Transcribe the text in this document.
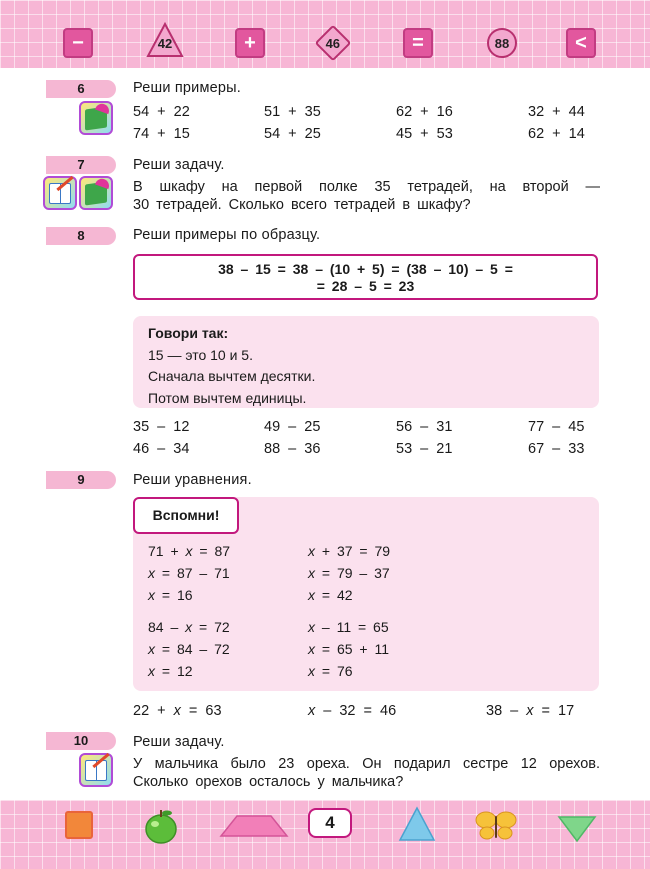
−	42	+	46	=	88	<
6	Реши примеры.
54 + 22	51 + 35	62 + 16	32 + 44
74 + 15	54 + 25	45 + 53	62 + 14
7	Реши задачу.
В шкафу на первой полке 35 тетрадей, на второй —
30 тетрадей. Сколько всего тетрадей в шкафу?
8	Реши примеры по образцу.
38 – 15 = 38 – (10 + 5) = (38 – 10) – 5 =
= 28 – 5 = 23
Говори так:
15 — это 10 и 5.
Сначала вычтем десятки.
Потом вычтем единицы.
35 – 12	49 – 25	56 – 31	77 – 45
46 – 34	88 – 36	53 – 21	67 – 33
9	Реши уравнения.
Вспомни!
71 + x = 87
x = 87 – 71
x = 16
x + 37 = 79
x = 79 – 37
x = 42
84 – x = 72
x = 84 – 72
x = 12
x – 11 = 65
x = 65 + 11
x = 76
22 + x = 63	x – 32 = 46	38 – x = 17
10	Реши задачу.
У мальчика было 23 ореха. Он подарил сестре 12 орехов.
Сколько орехов осталось у мальчика?
4
